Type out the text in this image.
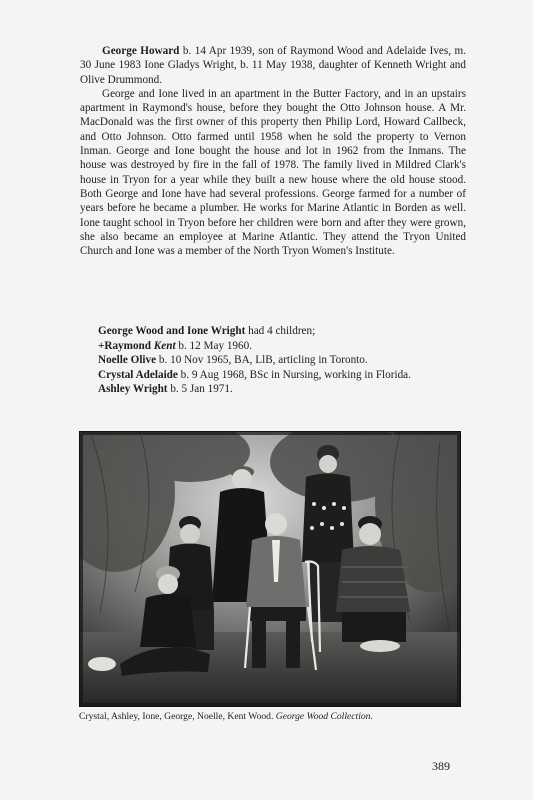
George Howard b. 14 Apr 1939, son of Raymond Wood and Adelaide Ives, m. 30 June 1983 Ione Gladys Wright, b. 11 May 1938, daughter of Kenneth Wright and Olive Drummond.

George and Ione lived in an apartment in the Butter Factory, and in an upstairs apartment in Raymond's house, before they bought the Otto Johnson house. A Mr. MacDonald was the first owner of this property then Philip Lord, Howard Callbeck, and Otto Johnson. Otto farmed until 1958 when he sold the property to Vernon Inman. George and Ione bought the house and lot in 1962 from the Inmans. The house was destroyed by fire in the fall of 1978. The family lived in Mildred Clark's house in Tryon for a year while they built a new house where the old house stood. Both George and Ione have had several professions. George farmed for a number of years before he became a plumber. He works for Marine Atlantic in Borden as well. Ione taught school in Tryon before her children were born and after they were grown, she also became an employee at Marine Atlantic. They attend the Tryon United Church and Ione was a member of the North Tryon Women's Institute.

George Wood and Ione Wright had 4 children;
+Raymond Kent b. 12 May 1960.
Noelle Olive b. 10 Nov 1965, BA, LlB, articling in Toronto.
Crystal Adelaide b. 9 Aug 1968, BSc in Nursing, working in Florida.
Ashley Wright b. 5 Jan 1971.
Crystal, Ashley, Ione, George, Noelle, Kent Wood. George Wood Collection.
389
